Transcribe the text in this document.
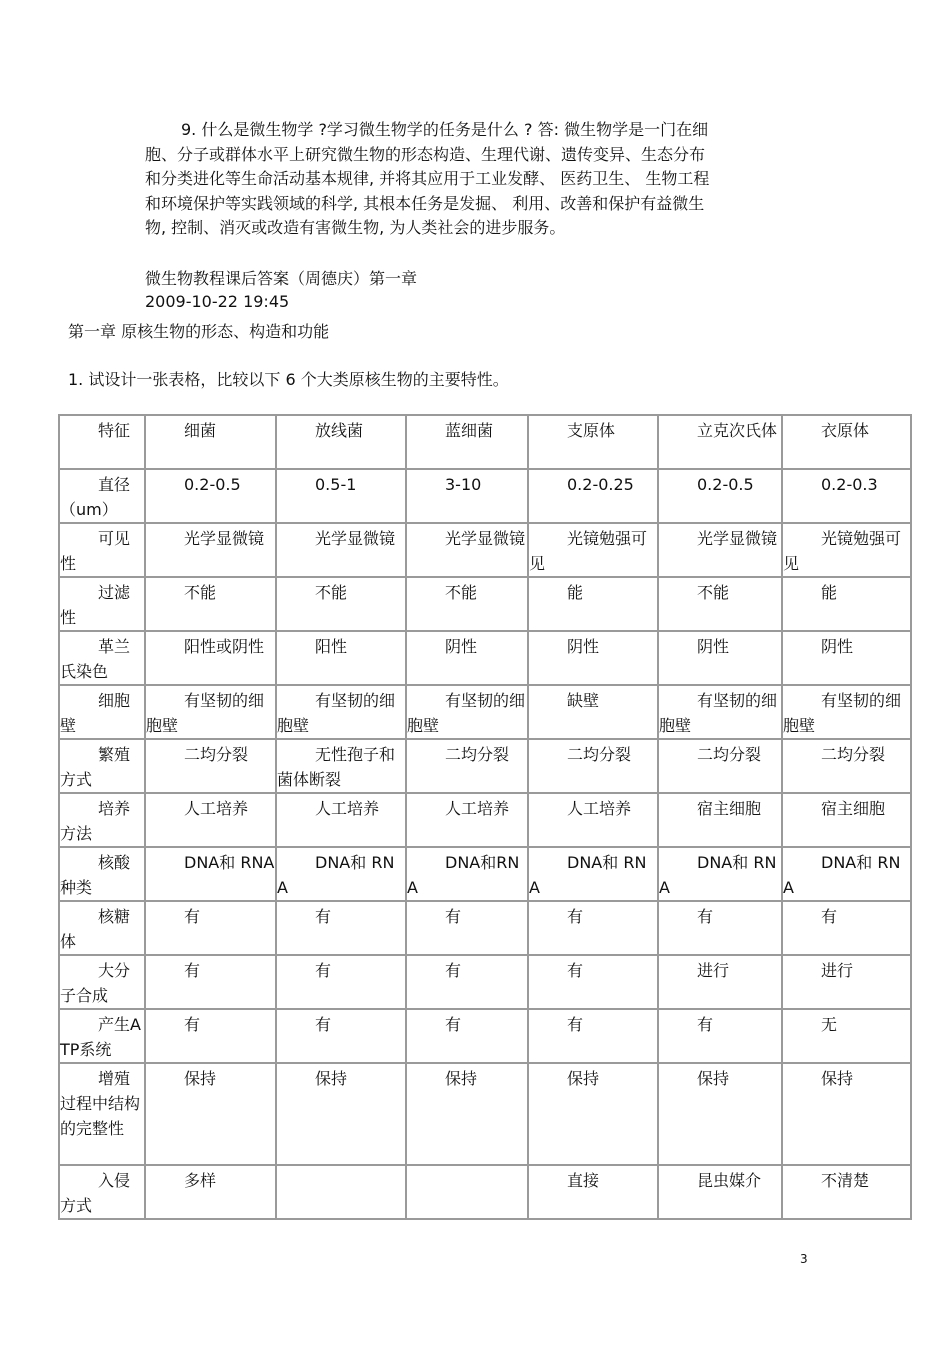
9. 什么是微生物学 ?学习微生物学的任务是什么 ? 答: 微生物学是一门在细
胞、分子或群体水平上研究微生物的形态构造、生理代谢、遗传变异、生态分布
和分类进化等生命活动基本规律, 并将其应用于工业发酵、 医药卫生、 生物工程
和环境保护等实践领域的科学, 其根本任务是发掘、 利用、改善和保护有益微生
物, 控制、消灭或改造有害微生物, 为人类社会的进步服务。
微生物教程课后答案（周德庆）第一章
2009-10-22 19:45
第一章 原核生物的形态、构造和功能
1. 试设计一张表格，比较以下 6 个大类原核生物的主要特性。
特征	细菌	放线菌	蓝细菌	支原体	立克次氏体	衣原体

直径（um）	0.2-0.5	0.5-1	3-10	0.2-0.25	0.2-0.5	0.2-0.3

可见性	光学显微镜	光学显微镜	光学显微镜	光镜勉强可见	光学显微镜	光镜勉强可见

过滤性	不能	不能	不能	能	不能	能

革兰氏染色	阳性或阴性	阳性	阴性	阴性	阴性	阴性

细胞壁	有坚韧的细胞壁	有坚韧的细胞壁	有坚韧的细胞壁	缺壁	有坚韧的细胞壁	有坚韧的细胞壁

繁殖方式	二均分裂	无性孢子和菌体断裂	二均分裂	二均分裂	二均分裂	二均分裂

培养方法	人工培养	人工培养	人工培养	人工培养	宿主细胞	宿主细胞

核酸种类	DNA和 RNA	DNA和 RNA	DNA和RNA	DNA和 RNA	DNA和 RNA	DNA和 RNA

核糖体	有	有	有	有	有	有

大分子合成	有	有	有	有	进行	进行

产生ATP系统	有	有	有	有	有	无

增殖过程中结构的完整性	保持	保持	保持	保持	保持	保持

入侵方式	多样			直接	昆虫媒介	不清楚
3
